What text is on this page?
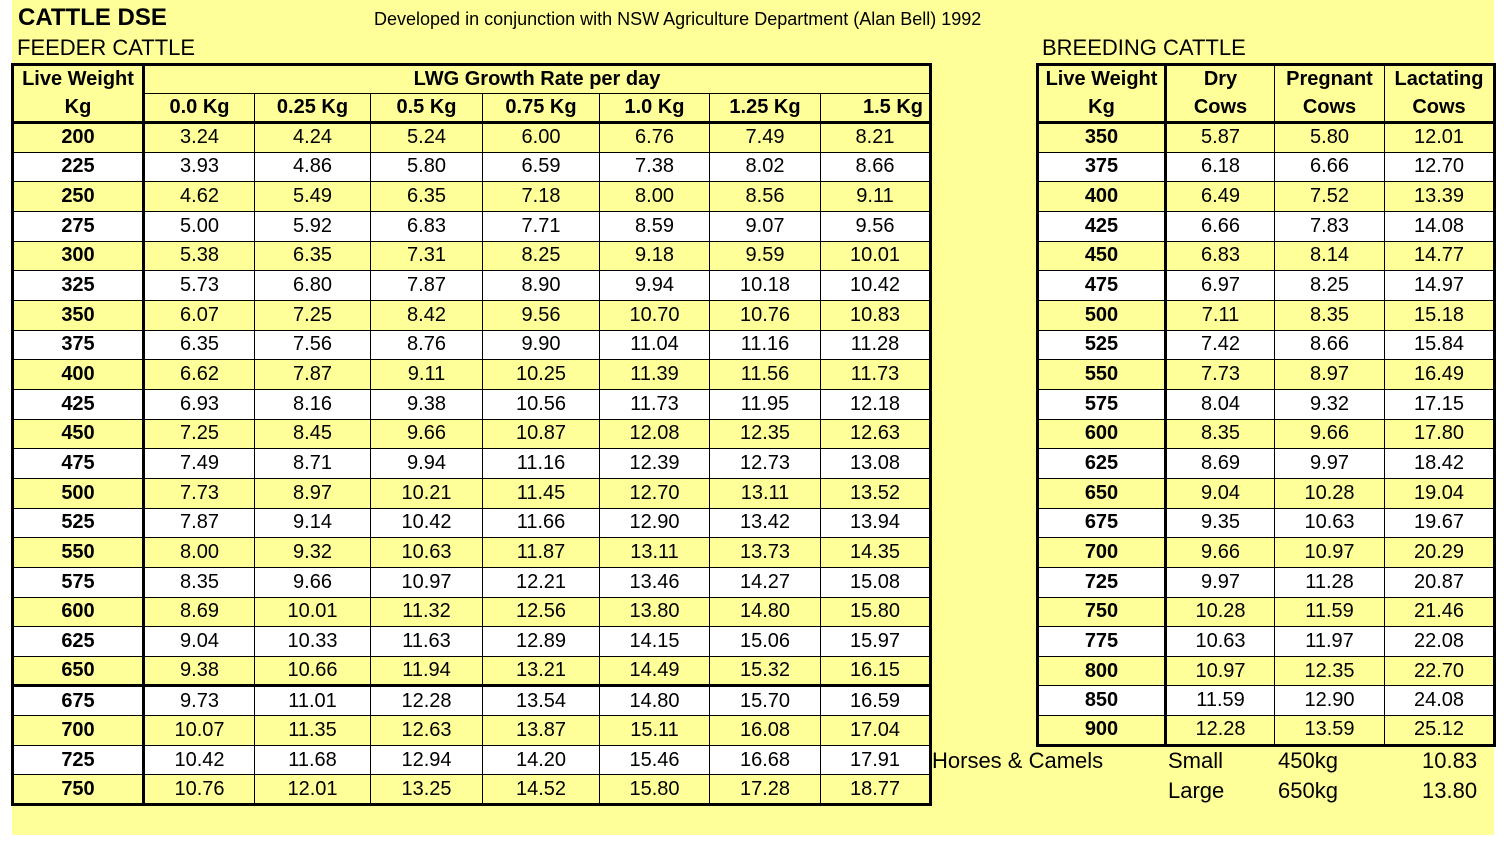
CATTLE DSE	Developed in conjunction with NSW Agriculture Department (Alan Bell) 1992
FEEDER CATTLE	BREEDING CATTLE
Live Weight	LWG Growth Rate per day						
Kg	0.0 Kg	0.25 Kg	0.5 Kg	0.75 Kg	1.0 Kg	1.25 Kg	1.5 Kg
200	3.24	4.24	5.24	6.00	6.76	7.49	8.21
225	3.93	4.86	5.80	6.59	7.38	8.02	8.66
250	4.62	5.49	6.35	7.18	8.00	8.56	9.11
275	5.00	5.92	6.83	7.71	8.59	9.07	9.56
300	5.38	6.35	7.31	8.25	9.18	9.59	10.01
325	5.73	6.80	7.87	8.90	9.94	10.18	10.42
350	6.07	7.25	8.42	9.56	10.70	10.76	10.83
375	6.35	7.56	8.76	9.90	11.04	11.16	11.28
400	6.62	7.87	9.11	10.25	11.39	11.56	11.73
425	6.93	8.16	9.38	10.56	11.73	11.95	12.18
450	7.25	8.45	9.66	10.87	12.08	12.35	12.63
475	7.49	8.71	9.94	11.16	12.39	12.73	13.08
500	7.73	8.97	10.21	11.45	12.70	13.11	13.52
525	7.87	9.14	10.42	11.66	12.90	13.42	13.94
550	8.00	9.32	10.63	11.87	13.11	13.73	14.35
575	8.35	9.66	10.97	12.21	13.46	14.27	15.08
600	8.69	10.01	11.32	12.56	13.80	14.80	15.80
625	9.04	10.33	11.63	12.89	14.15	15.06	15.97
650	9.38	10.66	11.94	13.21	14.49	15.32	16.15
675	9.73	11.01	12.28	13.54	14.80	15.70	16.59
700	10.07	11.35	12.63	13.87	15.11	16.08	17.04
725	10.42	11.68	12.94	14.20	15.46	16.68	17.91
750	10.76	12.01	13.25	14.52	15.80	17.28	18.77
Live Weight	Dry	Pregnant	Lactating
Kg	Cows	Cows	Cows
350	5.87	5.80	12.01
375	6.18	6.66	12.70
400	6.49	7.52	13.39
425	6.66	7.83	14.08
450	6.83	8.14	14.77
475	6.97	8.25	14.97
500	7.11	8.35	15.18
525	7.42	8.66	15.84
550	7.73	8.97	16.49
575	8.04	9.32	17.15
600	8.35	9.66	17.80
625	8.69	9.97	18.42
650	9.04	10.28	19.04
675	9.35	10.63	19.67
700	9.66	10.97	20.29
725	9.97	11.28	20.87
750	10.28	11.59	21.46
775	10.63	11.97	22.08
800	10.97	12.35	22.70
850	11.59	12.90	24.08
900	12.28	13.59	25.12
Horses & Camels	Small 450kg	10.83
Large 650kg	13.80
